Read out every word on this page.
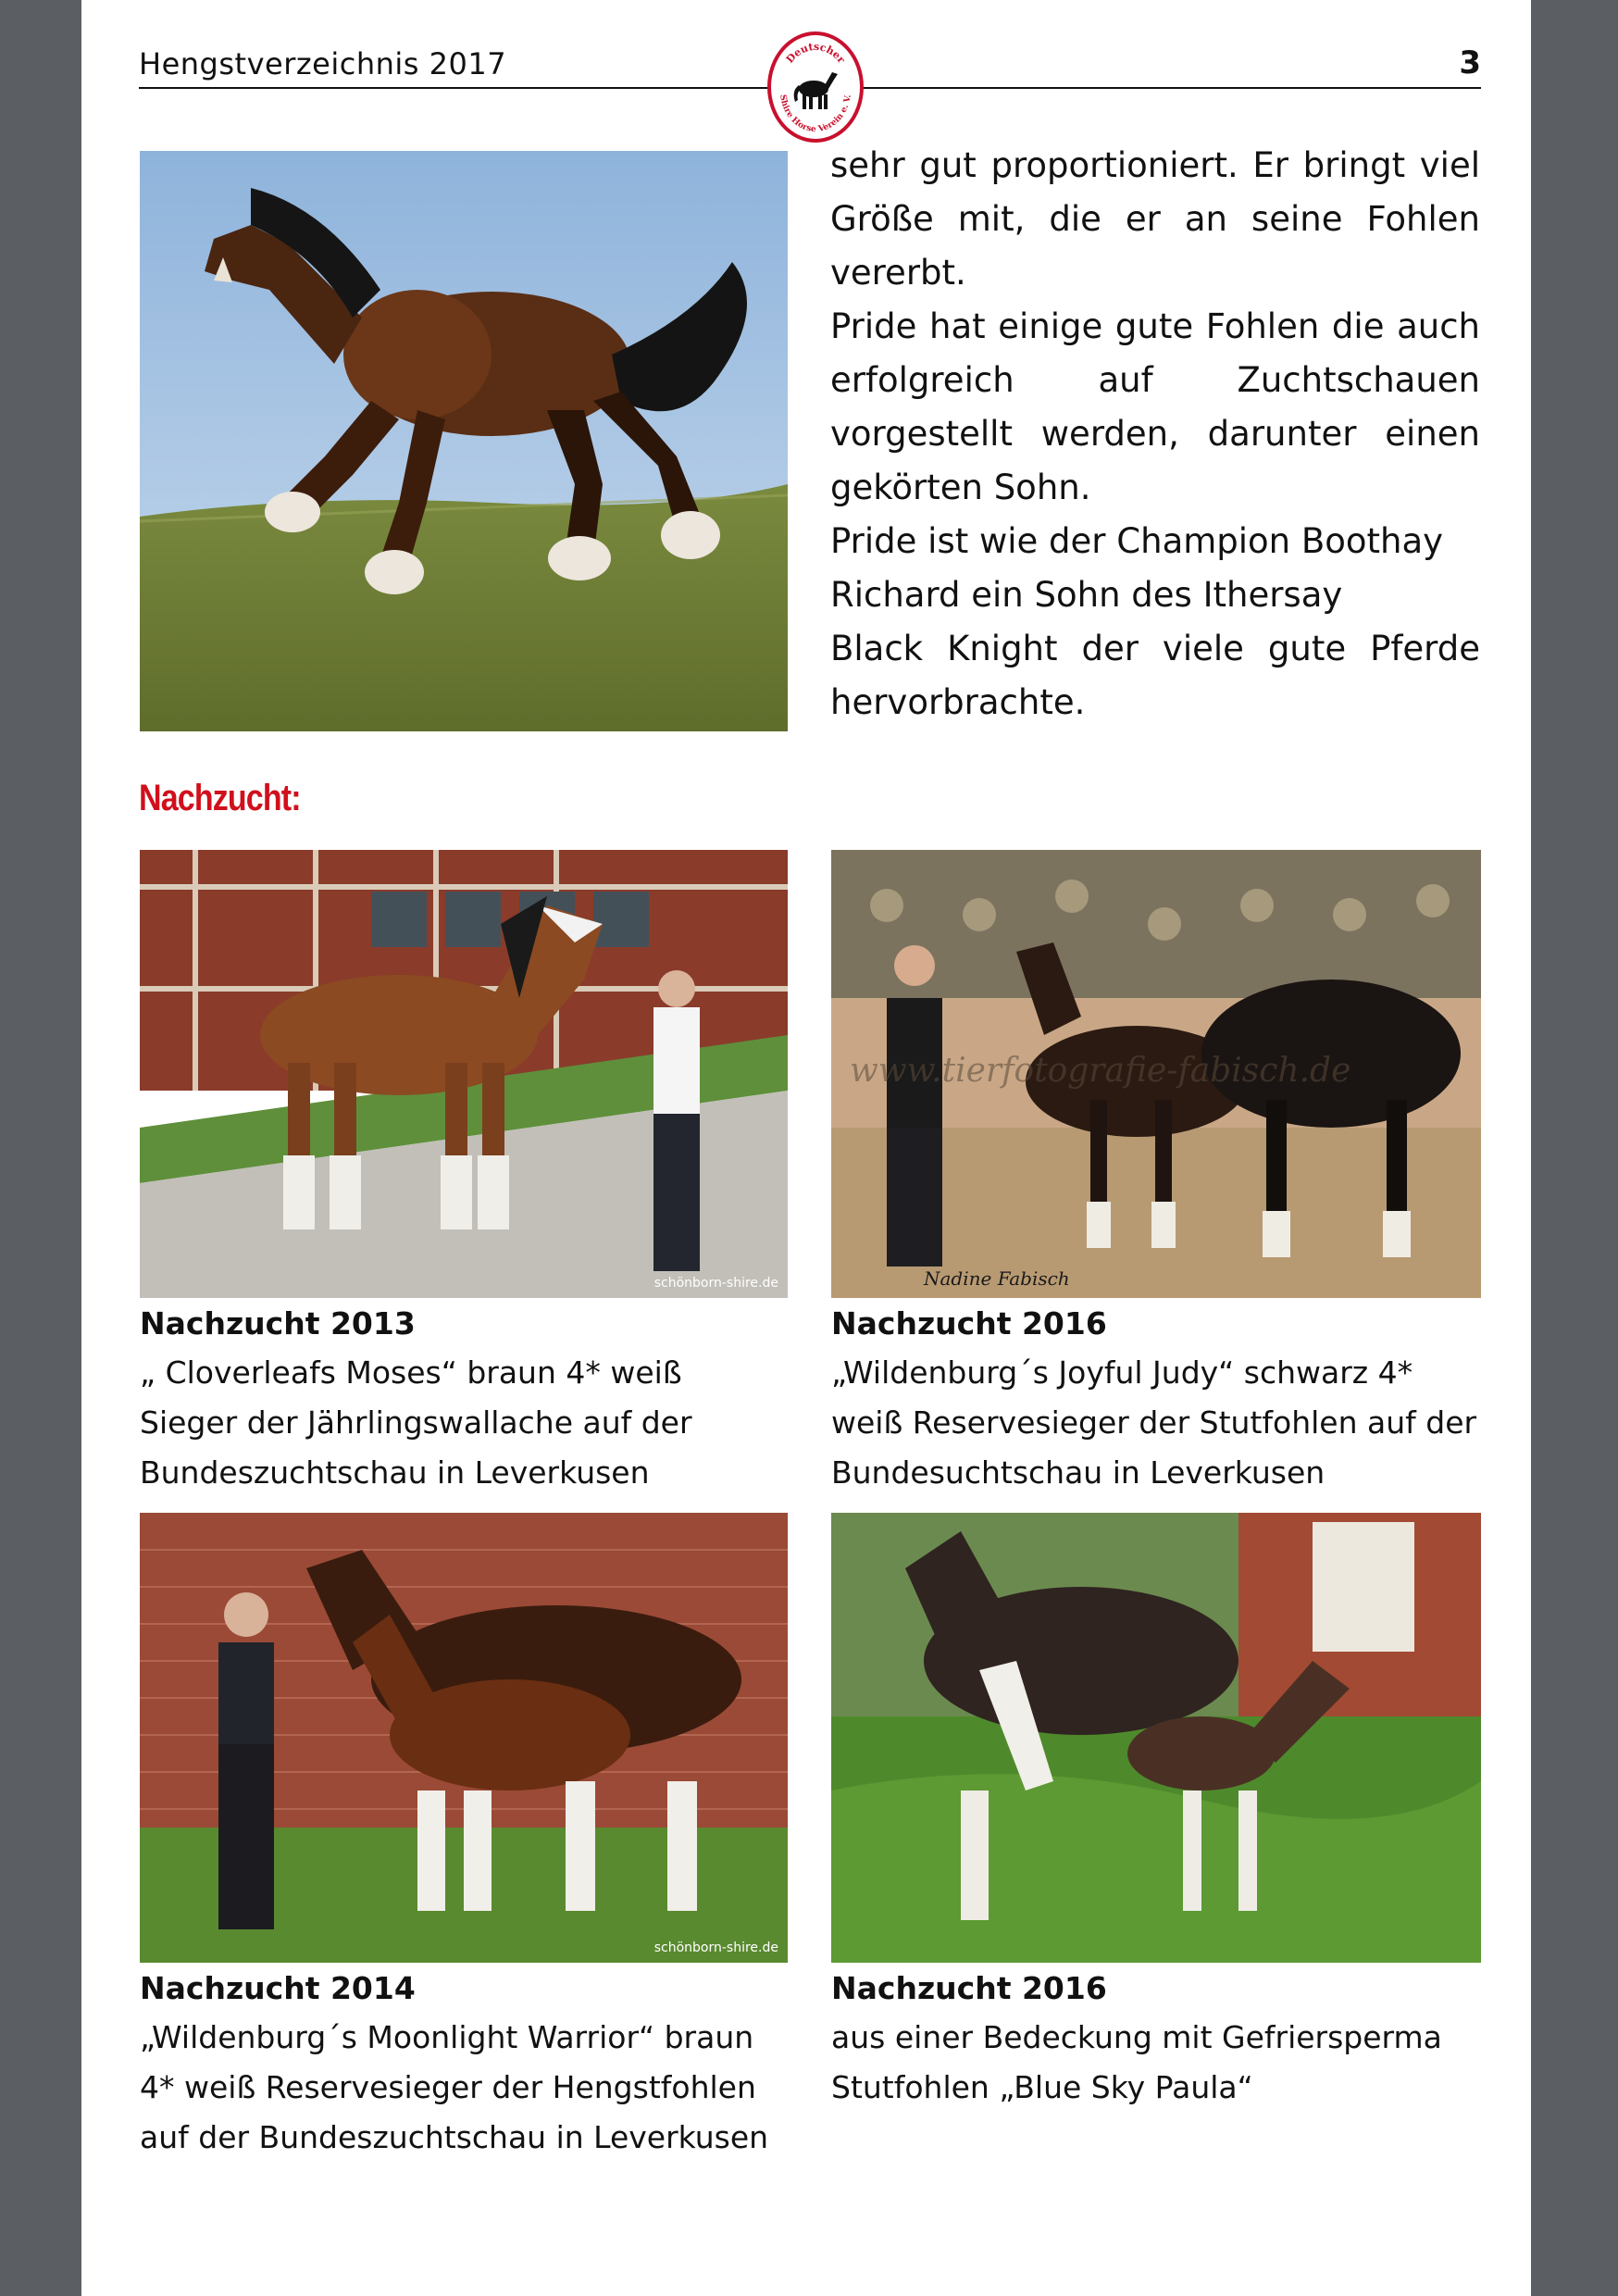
Hengstverzeichnis 2017	3
Deutscher
Shire Horse Verein e. V.

sehr gut proportioniert. Er bringt viel Größe mit, die er an seine Fohlen vererbt.

Pride hat einige gute Fohlen die auch erfolgreich auf Zuchtschauen vorgestellt werden, darunter einen gekörten Sohn.

Pride ist wie der Champion Boothay Richard ein Sohn des Ithersay

Black Knight der viele gute Pferde hervorbrachte.

Nachzucht:
schönborn-shire.de
www.tierfotografie-fabisch.de
Nadine Fabisch
Nachzucht 2013
„ Cloverleafs Moses“ braun 4* weiß Sieger der Jährlingswallache auf der Bundeszuchtschau in Leverkusen
Nachzucht 2016
„Wildenburg´s Joyful Judy“ schwarz 4* weiß Reservesieger der Stutfohlen auf der Bundesuchtschau in Leverkusen
schönborn-shire.de
Nachzucht 2014
„Wildenburg´s Moonlight Warrior“ braun 4* weiß Reservesieger der Hengstfohlen auf der Bundeszuchtschau in Leverkusen
Nachzucht 2016
aus einer Bedeckung mit Gefriersperma Stutfohlen „Blue Sky Paula“
